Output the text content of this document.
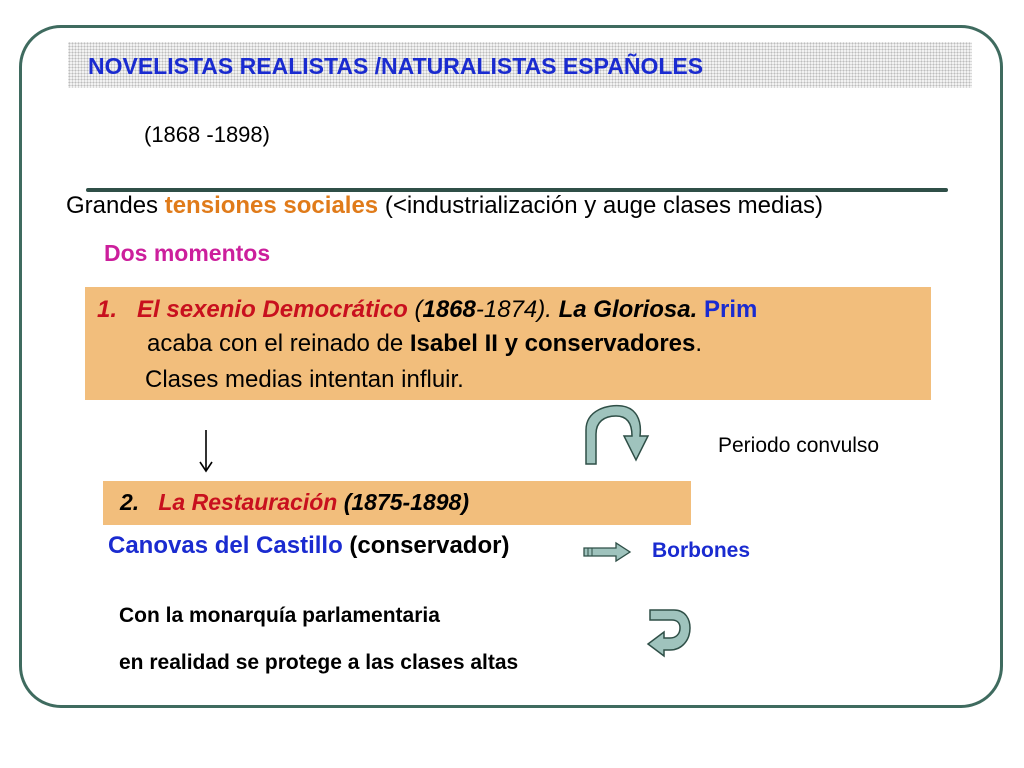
NOVELISTAS REALISTAS /NATURALISTAS ESPAÑOLES
(1868 -1898)
Grandes tensiones sociales (<industrialización y auge clases medias)
Dos momentos
1. El sexenio Democrático (1868-1874). La Gloriosa. Prim
acaba con el reinado de Isabel II y conservadores.
Clases medias intentan influir.
Periodo convulso
2. La Restauración (1875-1898)
Canovas del Castillo (conservador)	Borbones
Con la monarquía parlamentaria
en realidad se protege a las clases altas
